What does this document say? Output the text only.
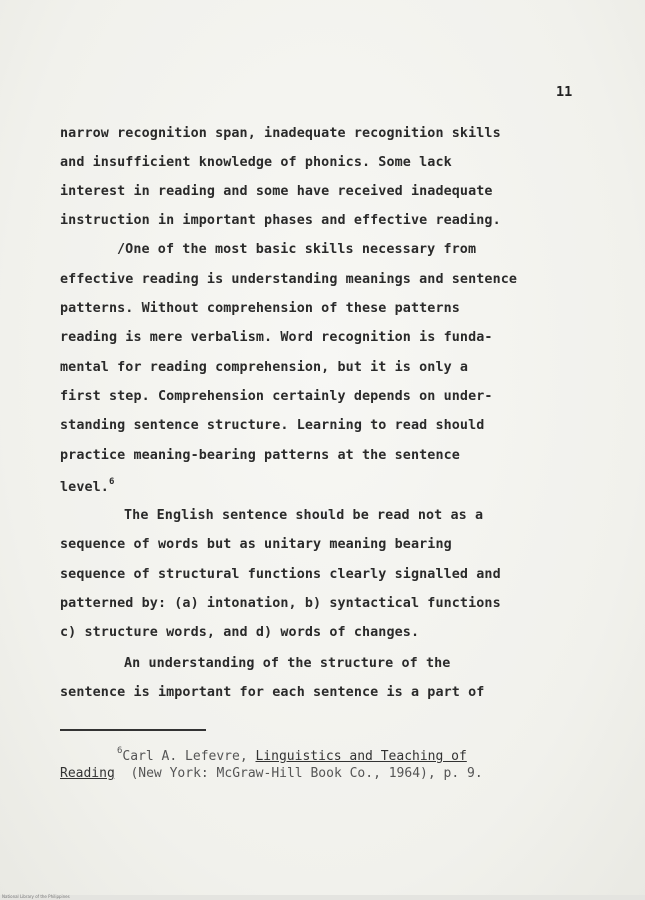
11
narrow recognition span, inadequate recognition skills
and insufficient knowledge of phonics. Some lack
interest in reading and some have received inadequate
instruction in important phases and effective reading.
/One of the most basic skills necessary from
effective reading is understanding meanings and sentence
patterns. Without comprehension of these patterns
reading is mere verbalism. Word recognition is funda-
mental for reading comprehension, but it is only a
first step. Comprehension certainly depends on under-
standing sentence structure. Learning to read should
practice meaning-bearing patterns at the sentence
level.$^6$
The English sentence should be read not as a
sequence of words but as unitary meaning bearing
sequence of structural functions clearly signalled and
patterned by: (a) intonation, b) syntactical functions
c) structure words, and d) words of changes.
An understanding of the structure of the
sentence is important for each sentence is a part of
$^6$Carl A. Lefevre, Linguistics and Teaching of
Reading  (New York: McGraw-Hill Book Co., 1964), p. 9.
National Library of the Philippines
